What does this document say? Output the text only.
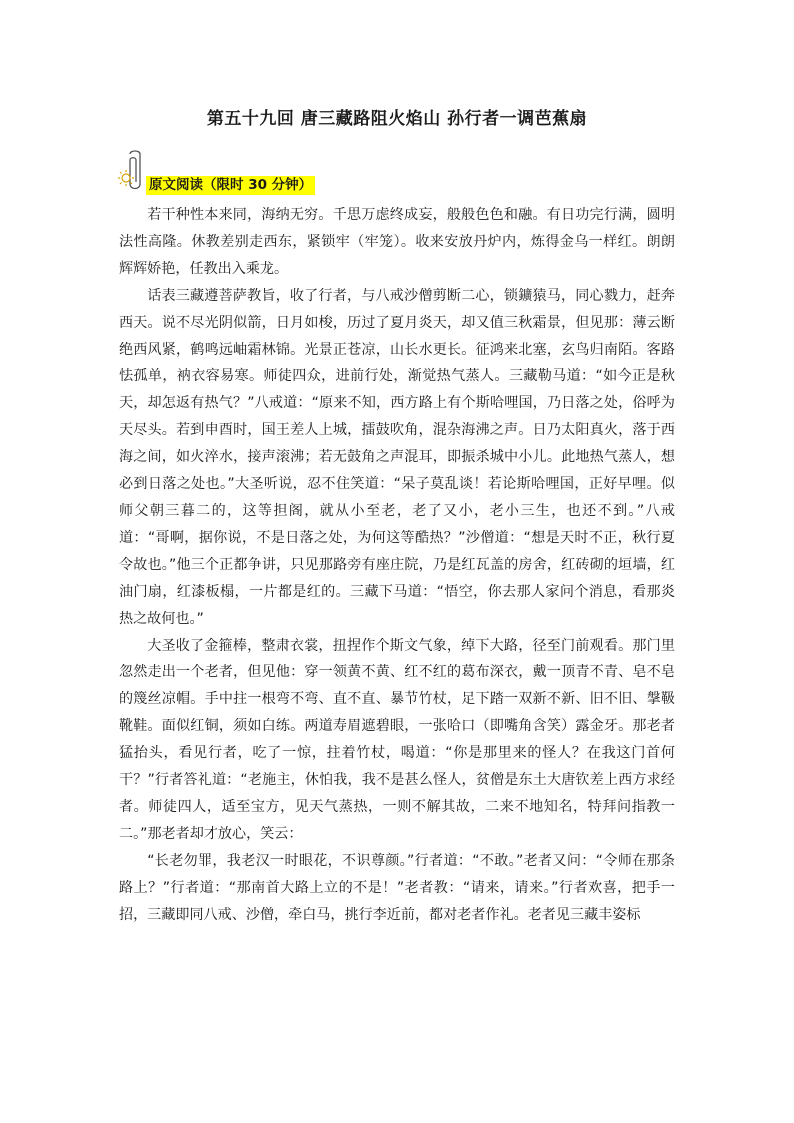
第五十九回 唐三藏路阻火焰山 孙行者一调芭蕉扇
原文阅读（限时 30 分钟）

若干种性本来同，海纳无穷。千思万虑终成妄，般般色色和融。有日功完行满，圆明法性高隆。休教差别走西东，紧锁牢（牢笼）。收来安放丹炉内，炼得金乌一样红。朗朗辉辉娇艳，任教出入乘龙。

话表三藏遵菩萨教旨，收了行者，与八戒沙僧剪断二心，锁鑛猿马，同心戮力，赶奔西天。说不尽光阴似箭，日月如梭，历过了夏月炎天，却又值三秋霜景，但见那：薄云断绝西风紧，鹤鸣远岫霜林锦。光景正苍凉，山长水更长。征鸿来北塞，玄鸟归南陌。客路怯孤单，衲衣容易寒。师徒四众，进前行处，渐觉热气蒸人。三藏勒马道：“如今正是秋天，却怎返有热气？”八戒道：“原来不知，西方路上有个斯哈哩国，乃日落之处，俗呼为天尽头。若到申酉时，国王差人上城，擂鼓吹角，混杂海沸之声。日乃太阳真火，落于西海之间，如火淬水，接声滚沸；若无鼓角之声混耳，即振杀城中小儿。此地热气蒸人，想必到日落之处也。”大圣听说，忍不住笑道：“呆子莫乱谈！若论斯哈哩国，正好早哩。似师父朝三暮二的，这等担阁，就从小至老，老了又小，老小三生，也还不到。”八戒道：“哥啊，据你说，不是日落之处，为何这等酷热？”沙僧道：“想是天时不正，秋行夏令故也。”他三个正都争讲，只见那路旁有座庄院，乃是红瓦盖的房舍，红砖砌的垣墙，红油门扇，红漆板榻，一片都是红的。三藏下马道：“悟空，你去那人家问个消息，看那炎热之故何也。”

大圣收了金箍棒，整肃衣裳，扭捏作个斯文气象，绰下大路，径至门前观看。那门里忽然走出一个老者，但见他：穿一领黄不黄、红不红的葛布深衣，戴一顶青不青、皂不皂的篾丝凉帽。手中拄一根弯不弯、直不直、暴节竹杖，足下踏一双新不新、旧不旧、搫靸靴鞋。面似红铜，须如白练。两道寿眉遮碧眼，一张哈口（即嘴角含笑）露金牙。那老者猛抬头，看见行者，吃了一惊，拄着竹杖，喝道：“你是那里来的怪人？在我这门首何干？”行者答礼道：“老施主，休怕我，我不是甚么怪人，贫僧是东土大唐钦差上西方求经者。师徒四人，适至宝方，见天气蒸热，一则不解其故，二来不地知名，特拜问指教一二。”那老者却才放心，笑云：

“长老勿罪，我老汉一时眼花，不识尊颜。”行者道：“不敢。”老者又问：“令师在那条路上？”行者道：“那南首大路上立的不是！”老者教：“请来，请来。”行者欢喜，把手一招，三藏即同八戒、沙僧，牵白马，挑行李近前，都对老者作礼。老者见三藏丰姿标
